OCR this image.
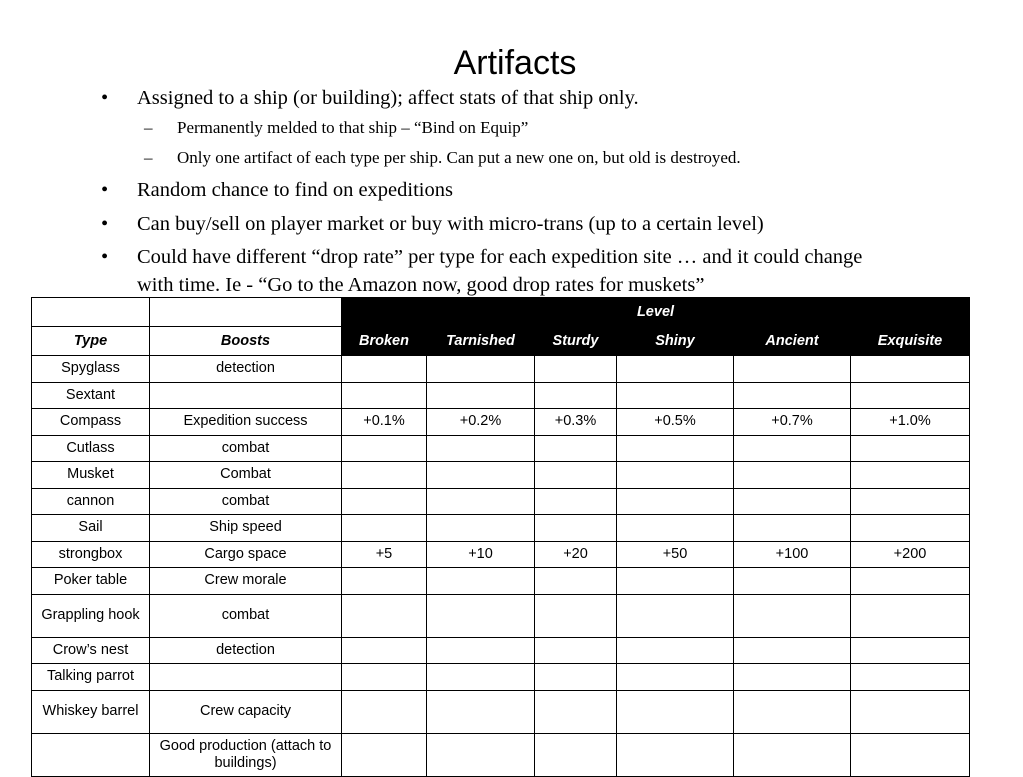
Artifacts
• Assigned to a ship (or building); affect stats of that ship only.
– Permanently melded to that ship – “Bind on Equip”
– Only one artifact of each type per ship. Can put a new one on, but old is destroyed.
• Random chance to find on expeditions
• Can buy/sell on player market or buy with micro-trans (up to a certain level)
• Could have different “drop rate” per type for each expedition site … and it could change with time. Ie - “Go to the Amazon now, good drop rates for muskets”
		Level					
Type	Boosts	Broken	Tarnished	Sturdy	Shiny	Ancient	Exquisite
Spyglass	detection						
Sextant							
Compass	Expedition success	+0.1%	+0.2%	+0.3%	+0.5%	+0.7%	+1.0%
Cutlass	combat						
Musket	Combat						
cannon	combat						
Sail	Ship speed						
strongbox	Cargo space	+5	+10	+20	+50	+100	+200
Poker table	Crew morale						
Grappling hook	combat						
Crow’s nest	detection						
Talking parrot							
Whiskey barrel	Crew capacity						
	Good production (attach to buildings)						
